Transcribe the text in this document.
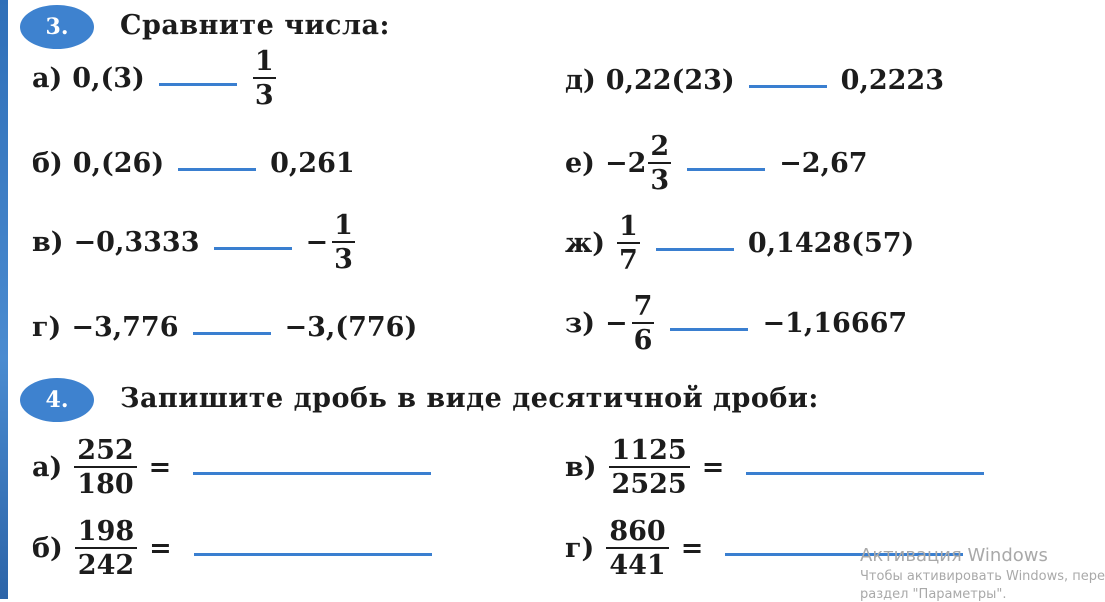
3. Сравните числа:
а) 0,(3)	$\frac{1}{3}$
б) 0,(26)	0,261
в) −0,3333	− $\frac{1}{3}$
г) −3,776	−3,(776)
д) 0,22(23)	0,2223
$е) -2 \frac{2}{3}$	−2,67
$ж) \frac{1}{7}$	0,1428(57)
$з) - \frac{7}{6}$	−1,16667
4. Запишите дробь в виде десятичной дроби:
$а) \frac{252}{180}$ =
$б) \frac{198}{242}$ =
$в) \frac{1125}{2525}$ =
$г) \frac{860}{441}$ =	Активация Windows
Чтобы активировать Windows, пере
раздел "Параметры".
